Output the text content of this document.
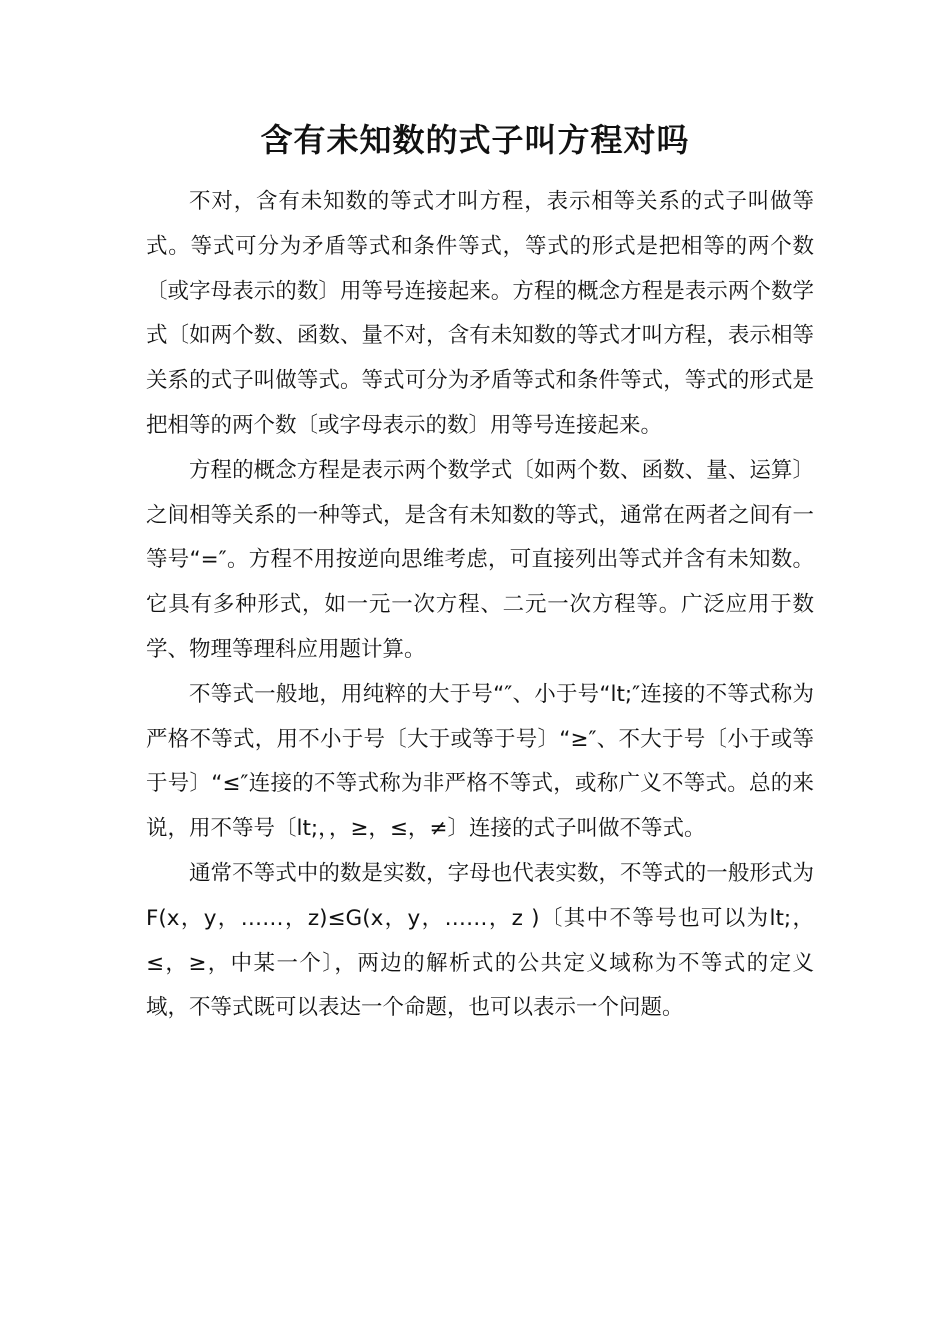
含有未知数的式子叫方程对吗

不对，含有未知数的等式才叫方程，表示相等关系的式子叫做等式。等式可分为矛盾等式和条件等式，等式的形式是把相等的两个数〔或字母表示的数〕用等号连接起来。方程的概念方程是表示两个数学式〔如两个数、函数、量不对，含有未知数的等式才叫方程，表示相等关系的式子叫做等式。等式可分为矛盾等式和条件等式，等式的形式是把相等的两个数〔或字母表示的数〕用等号连接起来。

方程的概念方程是表示两个数学式〔如两个数、函数、量、运算〕之间相等关系的一种等式，是含有未知数的等式，通常在两者之间有一等号“=″。方程不用按逆向思维考虑，可直接列出等式并含有未知数。它具有多种形式，如一元一次方程、二元一次方程等。广泛应用于数学、物理等理科应用题计算。

不等式一般地，用纯粹的大于号“″、小于号“lt;″连接的不等式称为严格不等式，用不小于号〔大于或等于号〕“≥″、不大于号〔小于或等于号〕“≤″连接的不等式称为非严格不等式，或称广义不等式。总的来说，用不等号〔lt;，，≥，≤，≠〕连接的式子叫做不等式。

通常不等式中的数是实数，字母也代表实数，不等式的一般形式为F(x，y，……，z)≤G(x，y，……，z )〔其中不等号也可以为lt;，≤，≥，中某一个〕，两边的解析式的公共定义域称为不等式的定义域，不等式既可以表达一个命题，也可以表示一个问题。
